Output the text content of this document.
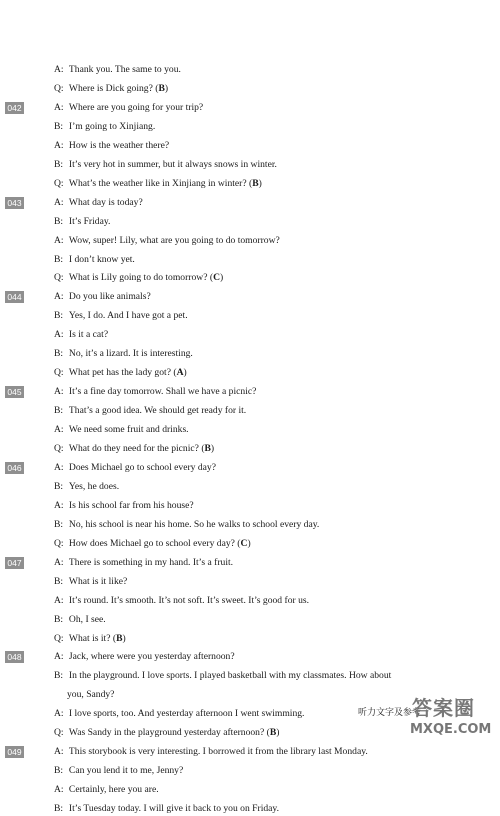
A:  Thank you. The same to you.
Q:  Where is Dick going? (B)
042	A:  Where are you going for your trip?
B:  I’m going to Xinjiang.
A:  How is the weather there?
B:  It’s very hot in summer, but it always snows in winter.
Q:  What’s the weather like in Xinjiang in winter? (B)
043	A:  What day is today?
B:  It’s Friday.
A:  Wow, super! Lily, what are you going to do tomorrow?
B:  I don’t know yet.
Q:  What is Lily going to do tomorrow? (C)
044	A:  Do you like animals?
B:  Yes, I do. And I have got a pet.
A:  Is it a cat?
B:  No, it’s a lizard. It is interesting.
Q:  What pet has the lady got? (A)
045	A:  It’s a fine day tomorrow. Shall we have a picnic?
B:  That’s a good idea. We should get ready for it.
A:  We need some fruit and drinks.
Q:  What do they need for the picnic? (B)
046	A:  Does Michael go to school every day?
B:  Yes, he does.
A:  Is his school far from his house?
B:  No, his school is near his home. So he walks to school every day.
Q:  How does Michael go to school every day? (C)
047	A:  There is something in my hand. It’s a fruit.
B:  What is it like?
A:  It’s round. It’s smooth. It’s not soft. It’s sweet. It’s good for us.
B:  Oh, I see.
Q:  What is it? (B)
048	A:  Jack, where were you yesterday afternoon?
B:  In the playground. I love sports. I played basketball with my classmates. How about
you, Sandy?
A:  I love sports, too. And yesterday afternoon I went swimming.
Q:  Was Sandy in the playground yesterday afternoon? (B)
049	A:  This storybook is very interesting. I borrowed it from the library last Monday.
B:  Can you lend it to me, Jenny?
A:  Certainly, here you are.
B:  It’s Tuesday today. I will give it back to you on Friday.
听力文字及参考
答案圈
MXQE.COM
